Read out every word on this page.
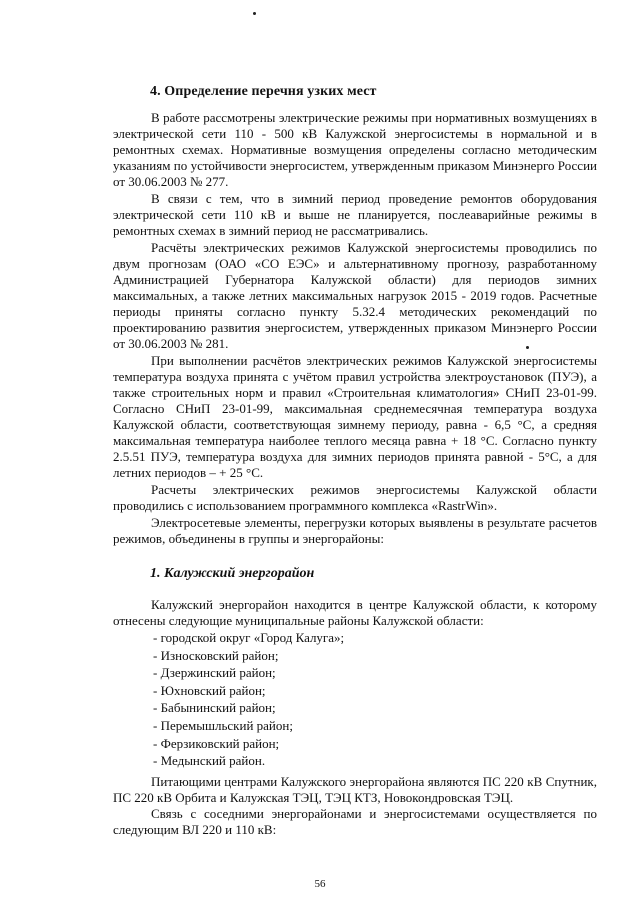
4. Определение перечня узких мест

В работе рассмотрены электрические режимы при нормативных возмущениях в электрической сети 110 - 500 кВ Калужской энергосистемы в нормальной и в ремонтных схемах. Нормативные возмущения определены согласно методическим указаниям по устойчивости энергосистем, утвержденным приказом Минэнерго России от 30.06.2003 № 277.

В связи с тем, что в зимний период проведение ремонтов оборудования электрической сети 110 кВ и выше не планируется, послеаварийные режимы в ремонтных схемах в зимний период не рассматривались.

Расчёты электрических режимов Калужской энергосистемы проводились по двум прогнозам (ОАО «СО ЕЭС» и альтернативному прогнозу, разработанному Администрацией Губернатора Калужской области) для периодов зимних максимальных, а также летних максимальных нагрузок 2015 - 2019 годов. Расчетные периоды приняты согласно пункту 5.32.4 методических рекомендаций по проектированию развития энергосистем, утвержденных приказом Минэнерго России от 30.06.2003 № 281.

При выполнении расчётов электрических режимов Калужской энергосистемы температура воздуха принята с учётом правил устройства электроустановок (ПУЭ), а также строительных норм и правил «Строительная климатология» СНиП 23-01-99. Согласно СНиП 23-01-99, максимальная среднемесячная температура воздуха Калужской области, соответствующая зимнему периоду, равна - 6,5 °С, а средняя максимальная температура наиболее теплого месяца равна + 18 °С. Согласно пункту 2.5.51 ПУЭ, температура воздуха для зимних периодов принята равной - 5°С, а для летних периодов – + 25 °С.

Расчеты электрических режимов энергосистемы Калужской области проводились с использованием программного комплекса «RastrWin».

Электросетевые элементы, перегрузки которых выявлены в результате расчетов режимов, объединены в группы и энергорайоны:

1. Калужский энергорайон

Калужский энергорайон находится в центре Калужской области, к которому отнесены следующие муниципальные районы Калужской области:

- городской округ «Город Калуга»;
- Износковский район;
- Дзержинский район;
- Юхновский район;
- Бабынинский район;
- Перемышльский район;
- Ферзиковский район;
- Медынский район.

Питающими центрами Калужского энергорайона являются ПС 220 кВ Спутник, ПС 220 кВ Орбита и Калужская ТЭЦ, ТЭЦ КТЗ, Новокондровская ТЭЦ.

Связь с соседними энергорайонами и энергосистемами осуществляется по следующим ВЛ 220 и 110 кВ:

56
